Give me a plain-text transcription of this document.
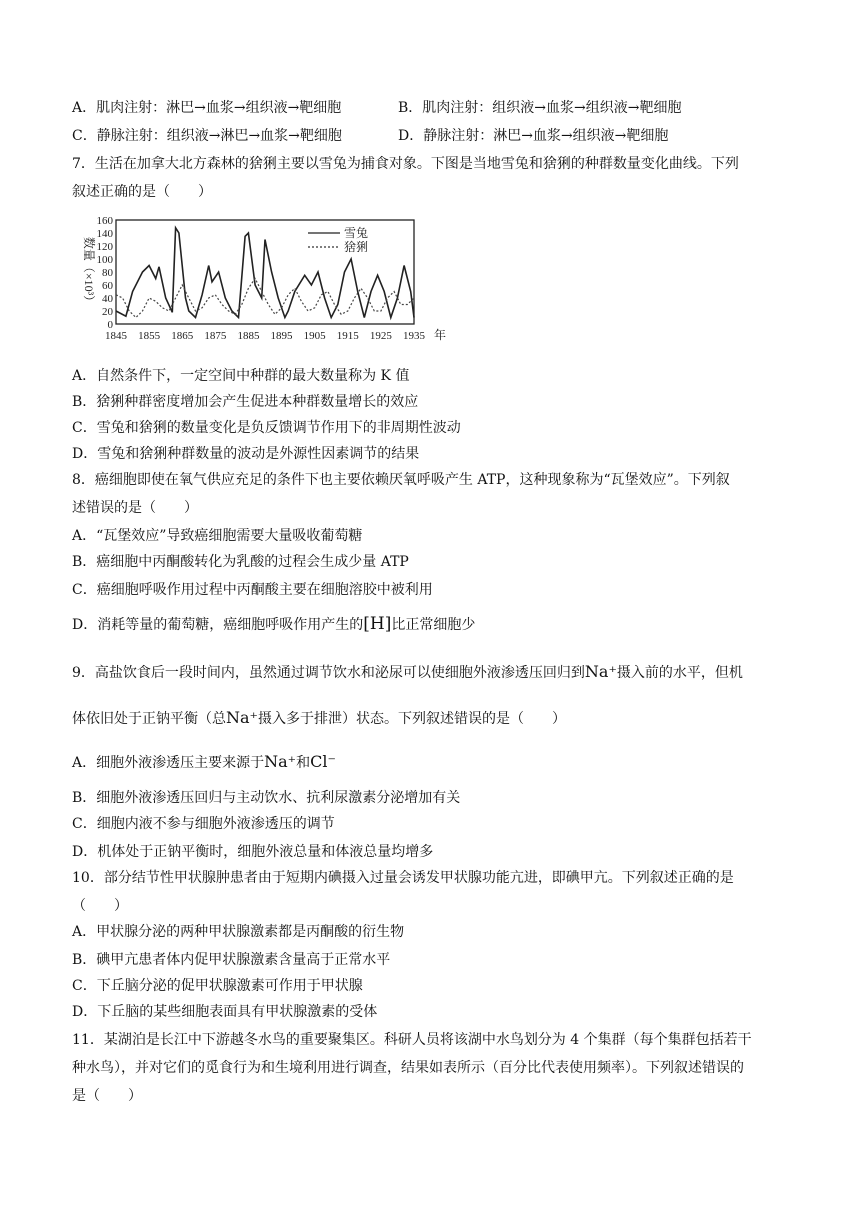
A．肌肉注射：淋巴→血浆→组织液→靶细胞	B．肌肉注射：组织液→血浆→组织液→靶细胞
C．静脉注射：组织液→淋巴→血浆→靶细胞	D．静脉注射：淋巴→血浆→组织液→靶细胞
7．生活在加拿大北方森林的猞猁主要以雪兔为捕食对象。下图是当地雪兔和猞猁的种群数量变化曲线。下列
叙述正确的是（　　）
160
140
120
100
80
60
40
20
0
1845 1855 1865 1875 1885 1895 1905 1915 1925 1935
数量（×10³）
年
雪兔
猞猁
A．自然条件下，一定空间中种群的最大数量称为 K 值
B．猞猁种群密度增加会产生促进本种群数量增长的效应
C．雪兔和猞猁的数量变化是负反馈调节作用下的非周期性波动
D．雪兔和猞猁种群数量的波动是外源性因素调节的结果
8．癌细胞即使在氧气供应充足的条件下也主要依赖厌氧呼吸产生 ATP，这种现象称为“瓦堡效应”。下列叙
述错误的是（　　）
A．“瓦堡效应”导致癌细胞需要大量吸收葡萄糖
B．癌细胞中丙酮酸转化为乳酸的过程会生成少量 ATP
C．癌细胞呼吸作用过程中丙酮酸主要在细胞溶胶中被利用
D．消耗等量的葡萄糖，癌细胞呼吸作用产生的[H]比正常细胞少
9．高盐饮食后一段时间内，虽然通过调节饮水和泌尿可以使细胞外液渗透压回归到Na⁺摄入前的水平，但机
体依旧处于正钠平衡（总Na⁺摄入多于排泄）状态。下列叙述错误的是（　　）
A．细胞外液渗透压主要来源于Na⁺和Cl⁻
B．细胞外液渗透压回归与主动饮水、抗利尿激素分泌增加有关
C．细胞内液不参与细胞外液渗透压的调节
D．机体处于正钠平衡时，细胞外液总量和体液总量均增多
10．部分结节性甲状腺肿患者由于短期内碘摄入过量会诱发甲状腺功能亢进，即碘甲亢。下列叙述正确的是
（　　）
A．甲状腺分泌的两种甲状腺激素都是丙酮酸的衍生物
B．碘甲亢患者体内促甲状腺激素含量高于正常水平
C．下丘脑分泌的促甲状腺激素可作用于甲状腺
D．下丘脑的某些细胞表面具有甲状腺激素的受体
11．某湖泊是长江中下游越冬水鸟的重要聚集区。科研人员将该湖中水鸟划分为 4 个集群（每个集群包括若干
种水鸟），并对它们的觅食行为和生境利用进行调查，结果如表所示（百分比代表使用频率）。下列叙述错误的
是（　　）
